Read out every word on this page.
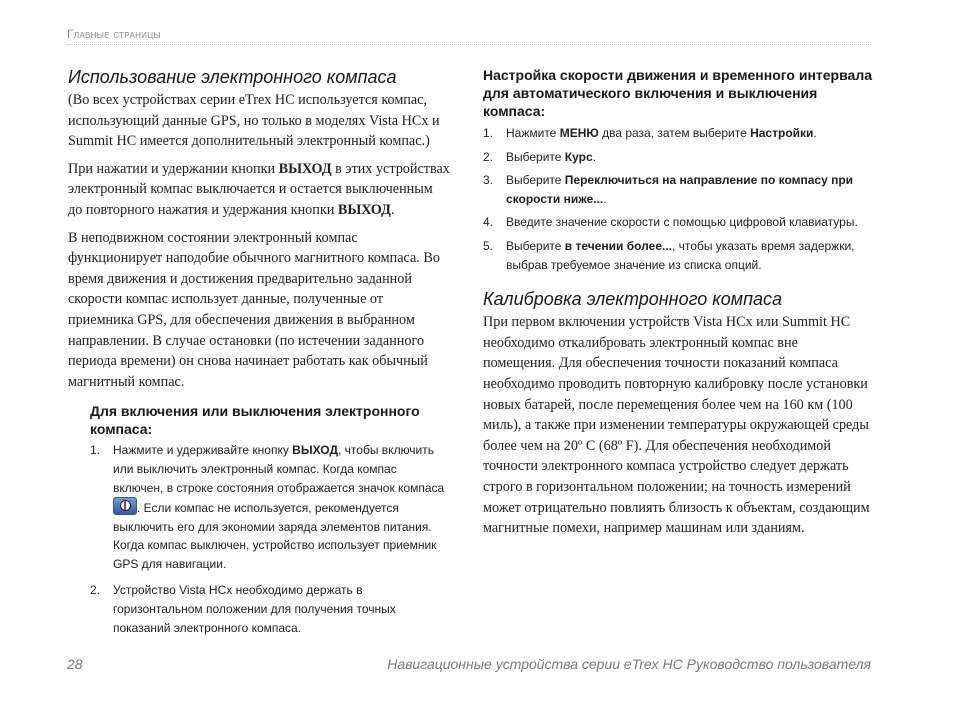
Главные страницы
Использование электронного компаса

(Во всех устройствах серии eTrex HC используется компас, использующий данные GPS, но только в моделях Vista HCx и Summit HC имеется дополнительный электронный компас.)

При нажатии и удержании кнопки ВЫХОД в этих устройствах электронный компас выключается и остается выключенным до повторного нажатия и удержания кнопки ВЫХОД.

В неподвижном состоянии электронный компас функционирует наподобие обычного магнитного компаса. Во время движения и достижения предварительно заданной скорости компас использует данные, полученные от приемника GPS, для обеспечения движения в выбранном направлении. В случае остановки (по истечении заданного периода времени) он снова начинает работать как обычный магнитный компас.

Для включения или выключения электронного компаса:
1. Нажмите и удерживайте кнопку ВЫХОД, чтобы включить или выключить электронный компас. Когда компас включен, в строке состояния отображается значок компаса . Если компас не используется, рекомендуется выключить его для экономии заряда элементов питания. Когда компас выключен, устройство использует приемник GPS для навигации.
2. Устройство Vista HCx необходимо держать в горизонтальном положении для получения точных показаний электронного компаса.
Настройка скорости движения и временного интервала для автоматического включения и выключения компаса:
1. Нажмите МЕНЮ два раза, затем выберите Настройки.
2. Выберите Курс.
3. Выберите Переключиться на направление по компасу при скорости ниже....
4. Введите значение скорости с помощью цифровой клавиатуры.
5. Выберите в течении более..., чтобы указать время задержки, выбрав требуемое значение из списка опций.
Калибровка электронного компаса

При первом включении устройств Vista HCx или Summit HC необходимо откалибровать электронный компас вне помещения. Для обеспечения точности показаний компаса необходимо проводить повторную калибровку после установки новых батарей, после перемещения более чем на 160 км (100 миль), а также при изменении температуры окружающей среды более чем на 20º C (68º F). Для обеспечения необходимой точности электронного компаса устройство следует держать строго в горизонтальном положении; на точность измерений может отрицательно повлиять близость к объектам, создающим магнитные помехи, например машинам или зданиям.

28	Навигационные устройства серии eTrex HC Руководство пользователя
